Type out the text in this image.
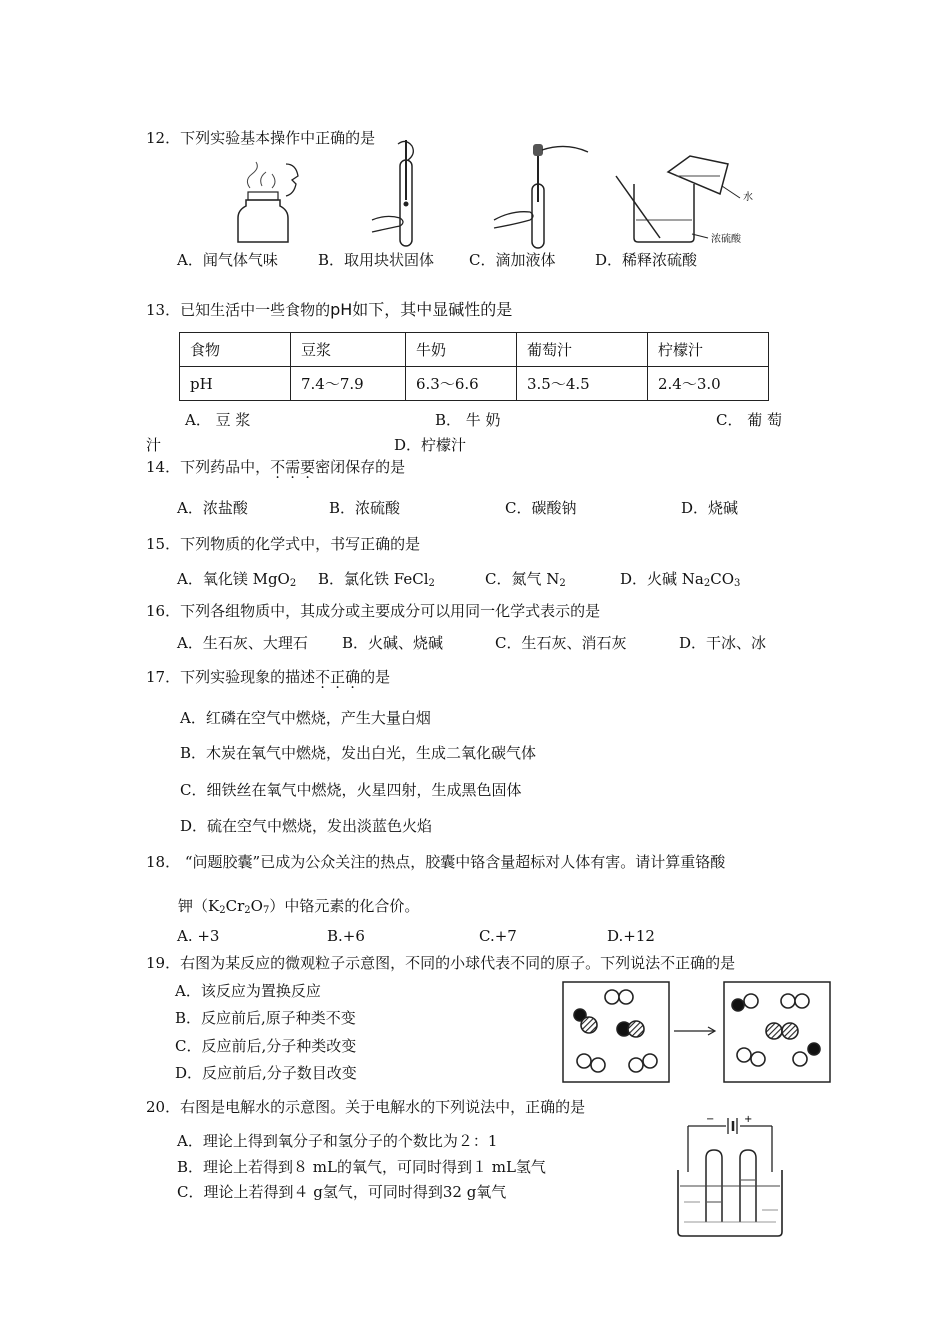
12．下列实验基本操作中正确的是
水
浓硫酸
A．闻气体气味	B．取用块状固体 C．滴加液体	D．稀释浓硫酸
13．已知生活中一些食物的pH如下，其中显碱性的是
食物	豆浆	牛奶	葡萄汁	柠檬汁
pH	7.4～7.9	6.3～6.6	3.5～4.5	2.4～3.0
A． 豆 浆	B． 牛 奶	C． 葡 萄
汁	D．柠檬汁
14．下列药品中，不需要密闭保存的是
A．浓盐酸	B．浓硫酸	C．碳酸钠	D．烧碱
15．下列物质的化学式中，书写正确的是
A．氧化镁 MgO$_2$ B．氯化铁 FeCl$_2$	C．氮气 $N_2$	D．火碱 $Na_2CO_3$
16．下列各组物质中，其成分或主要成分可以用同一化学式表示的是
A．生石灰、大理石 B．火碱、烧碱	C．生石灰、消石灰	D．干冰、冰
17．下列实验现象的描述不正确的是
A．红磷在空气中燃烧，产生大量白烟
B．木炭在氧气中燃烧，发出白光，生成二氧化碳气体
C．细铁丝在氧气中燃烧，火星四射，生成黑色固体
D．硫在空气中燃烧，发出淡蓝色火焰
18． “问题胶囊”已成为公众关注的热点，胶囊中铬含量超标对人体有害。请计算重铬酸
钾$(K_2Cr_2O_7)$中铬元素的化合价。
A. +3	B.+6	C.+7	D.+12
19．右图为某反应的微观粒子示意图，不同的小球代表不同的原子。下列说法不正确的是
A．该反应为置换反应
B．反应前后,原子种类不变
C．反应前后,分子种类改变
D．反应前后,分子数目改变
20．右图是电解水的示意图。关于电解水的下列说法中，正确的是
A．理论上得到氧分子和氢分子的个数比为２：1
B．理论上若得到８ mL的氧气，可同时得到１ mL氢气
C．理论上若得到４ g氢气，可同时得到32 g氧气
−	+
